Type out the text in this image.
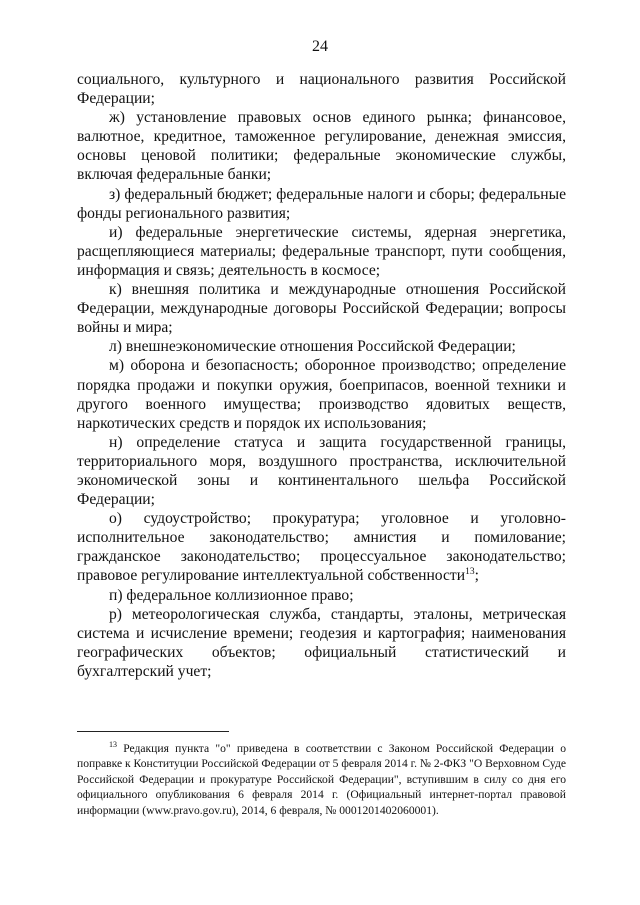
24

социального, культурного и национального развития Российской Федерации;

ж) установление правовых основ единого рынка; финансовое, валютное, кредитное, таможенное регулирование, денежная эмиссия, основы ценовой политики; федеральные экономические службы, включая федеральные банки;

з) федеральный бюджет; федеральные налоги и сборы; федеральные фонды регионального развития;

и) федеральные энергетические системы, ядерная энергетика, расщепляющиеся материалы; федеральные транспорт, пути сообщения, информация и связь; деятельность в космосе;

к) внешняя политика и международные отношения Российской Федерации, международные договоры Российской Федерации; вопросы войны и мира;

л) внешнеэкономические отношения Российской Федерации;

м) оборона и безопасность; оборонное производство; определение порядка продажи и покупки оружия, боеприпасов, военной техники и другого военного имущества; производство ядовитых веществ, наркотических средств и порядок их использования;

н) определение статуса и защита государственной границы, территориального моря, воздушного пространства, исключительной экономической зоны и континентального шельфа Российской Федерации;

о) судоустройство; прокуратура; уголовное и уголовно-исполнительное законодательство; амнистия и помилование; гражданское законодательство; процессуальное законодательство; правовое регулирование интеллектуальной собственности$^{13}$;

п) федеральное коллизионное право;

р) метеорологическая служба, стандарты, эталоны, метрическая система и исчисление времени; геодезия и картография; наименования географических объектов; официальный статистический и бухгалтерский учет;

$^{13}$ Редакция пункта "о" приведена в соответствии с Законом Российской Федерации о поправке к Конституции Российской Федерации от 5 февраля 2014 г. № 2-ФКЗ "О Верховном Суде Российской Федерации и прокуратуре Российской Федерации", вступившим в силу со дня его официального опубликования 6 февраля 2014 г. (Официальный интернет-портал правовой информации (www.pravo.gov.ru), 2014, 6 февраля, № 0001201402060001).
